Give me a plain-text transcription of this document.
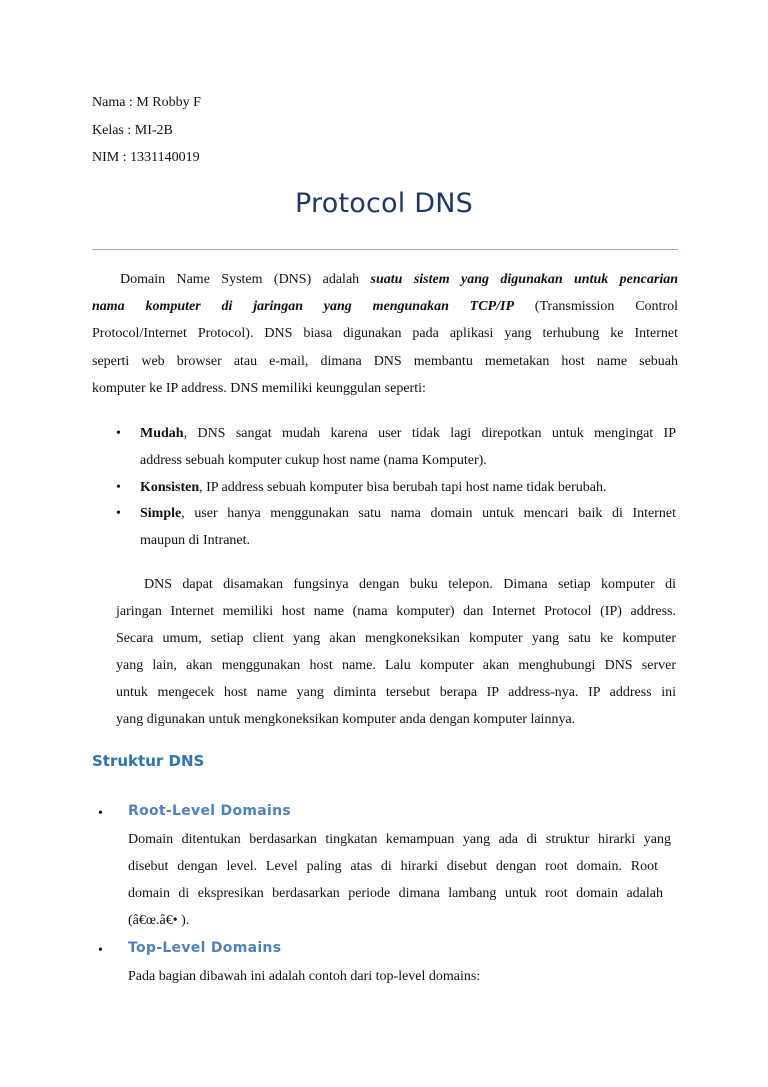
Nama : M Robby F
Kelas : MI-2B
NIM : 1331140019
Protocol DNS
Domain Name System (DNS) adalah suatu sistem yang digunakan untuk pencarian
nama komputer di jaringan yang mengunakan TCP/IP (Transmission Control
Protocol/Internet Protocol). DNS biasa digunakan pada aplikasi yang terhubung ke Internet
seperti web browser atau e-mail, dimana DNS membantu memetakan host name sebuah
komputer ke IP address. DNS memiliki keunggulan seperti:
• Mudah, DNS sangat mudah karena user tidak lagi direpotkan untuk mengingat IP
address sebuah komputer cukup host name (nama Komputer).
• Konsisten, IP address sebuah komputer bisa berubah tapi host name tidak berubah.
• Simple, user hanya menggunakan satu nama domain untuk mencari baik di Internet
maupun di Intranet.
DNS dapat disamakan fungsinya dengan buku telepon. Dimana setiap komputer di
jaringan Internet memiliki host name (nama komputer) dan Internet Protocol (IP) address.
Secara umum, setiap client yang akan mengkoneksikan komputer yang satu ke komputer
yang lain, akan menggunakan host name. Lalu komputer akan menghubungi DNS server
untuk mengecek host name yang diminta tersebut berapa IP address-nya. IP address ini
yang digunakan untuk mengkoneksikan komputer anda dengan komputer lainnya.
Struktur DNS
• Root-Level Domains
Domain ditentukan berdasarkan tingkatan kemampuan yang ada di struktur hirarki yang
disebut dengan level. Level paling atas di hirarki disebut dengan root domain. Root
domain di ekspresikan berdasarkan periode dimana lambang untuk root domain adalah
(â€œ.â€• ).
• Top-Level Domains
Pada bagian dibawah ini adalah contoh dari top-level domains:
